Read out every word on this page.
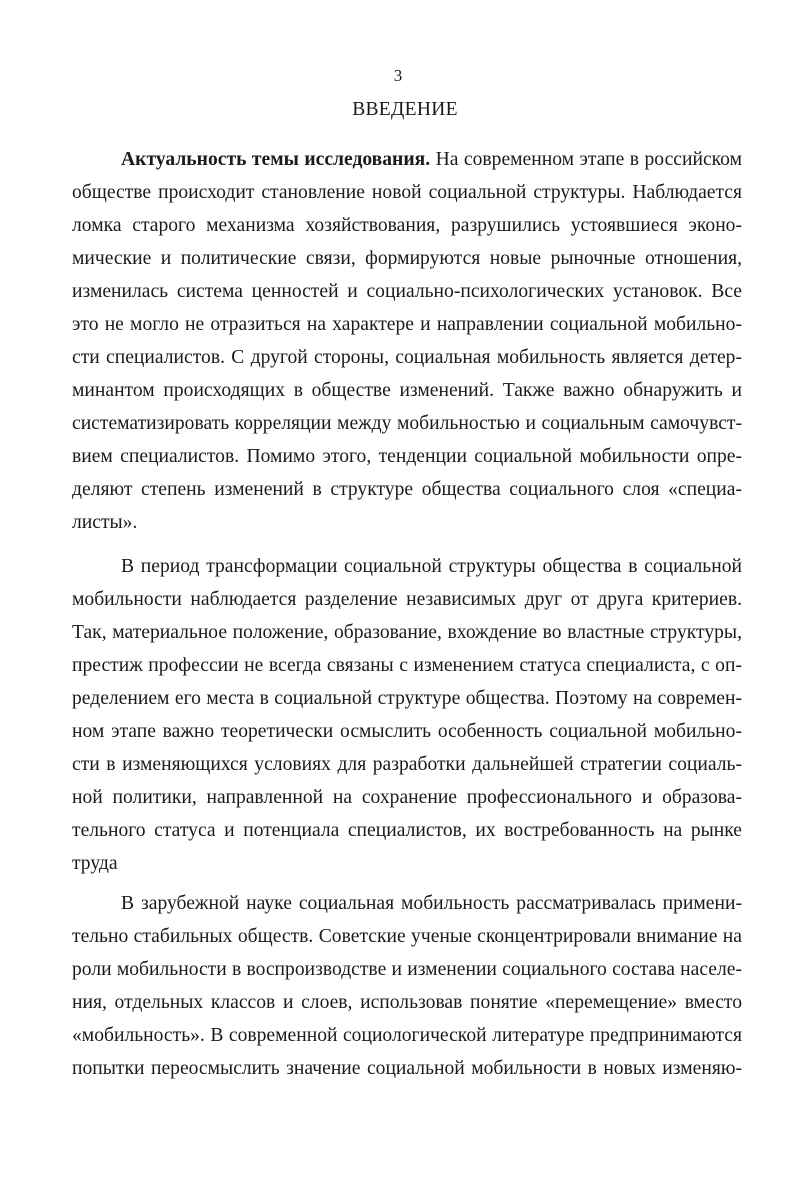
3
ВВЕДЕНИЕ
Актуальность темы исследования. На современном этапе в российском
обществе происходит становление новой социальной структуры. Наблюдается
ломка старого механизма хозяйствования, разрушились устоявшиеся эконо-
мические и политические связи, формируются новые рыночные отношения,
изменилась система ценностей и социально-психологических установок. Все
это не могло не отразиться на характере и направлении социальной мобильно-
сти специалистов. С другой стороны, социальная мобильность является детер-
минантом происходящих в обществе изменений. Также важно обнаружить и
систематизировать корреляции между мобильностью и социальным самочувст-
вием специалистов. Помимо этого, тенденции социальной мобильности опре-
деляют степень изменений в структуре общества социального слоя «специа-
листы».
В период трансформации социальной структуры общества в социальной
мобильности наблюдается разделение независимых друг от друга критериев.
Так, материальное положение, образование, вхождение во властные структуры,
престиж профессии не всегда связаны с изменением статуса специалиста, с оп-
ределением его места в социальной структуре общества. Поэтому на современ-
ном этапе важно теоретически осмыслить особенность социальной мобильно-
сти в изменяющихся условиях для разработки дальнейшей стратегии социаль-
ной политики, направленной на сохранение профессионального и образова-
тельного статуса и потенциала специалистов, их востребованность на рынке
труда
В зарубежной науке социальная мобильность рассматривалась примени-
тельно стабильных обществ. Советские ученые сконцентрировали внимание на
роли мобильности в воспроизводстве и изменении социального состава населе-
ния, отдельных классов и слоев, использовав понятие «перемещение» вместо
«мобильность». В современной социологической литературе предпринимаются
попытки переосмыслить значение социальной мобильности в новых изменяю-
